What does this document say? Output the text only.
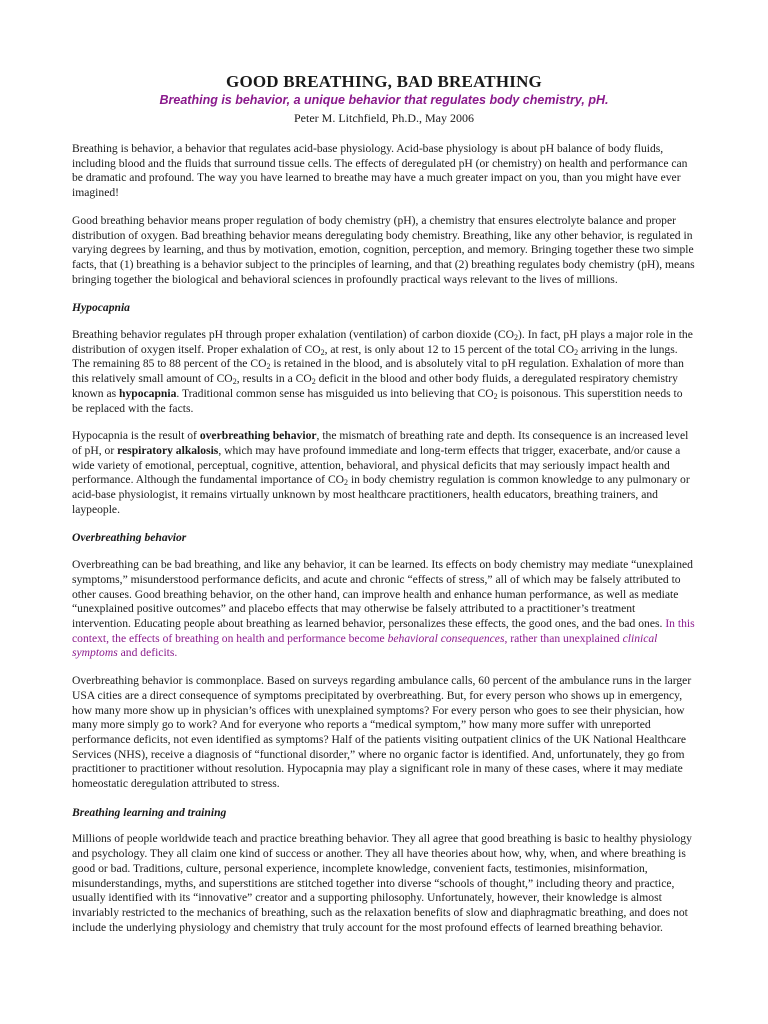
GOOD BREATHING, BAD BREATHING

Breathing is behavior, a unique behavior that regulates body chemistry, pH.

Peter M. Litchfield, Ph.D., May 2006

Breathing is behavior, a behavior that regulates acid-base physiology. Acid-base physiology is about pH balance of body fluids, including blood and the fluids that surround tissue cells. The effects of deregulated pH (or chemistry) on health and performance can be dramatic and profound. The way you have learned to breathe may have a much greater impact on you, than you might have ever imagined!

Good breathing behavior means proper regulation of body chemistry (pH), a chemistry that ensures electrolyte balance and proper distribution of oxygen. Bad breathing behavior means deregulating body chemistry. Breathing, like any other behavior, is regulated in varying degrees by learning, and thus by motivation, emotion, cognition, perception, and memory. Bringing together these two simple facts, that (1) breathing is a behavior subject to the principles of learning, and that (2) breathing regulates body chemistry (pH), means bringing together the biological and behavioral sciences in profoundly practical ways relevant to the lives of millions.

Hypocapnia

Breathing behavior regulates pH through proper exhalation (ventilation) of carbon dioxide $(CO_2)$. In fact, pH plays a major role in the distribution of oxygen itself. Proper exhalation of $CO_2$, at rest, is only about 12 to 15 percent of the total $CO_2$ arriving in the lungs. The remaining 85 to 88 percent of the $CO_2$ is retained in the blood, and is absolutely vital to pH regulation. Exhalation of more than this relatively small amount of $CO_2$, results in a $CO_2$ deficit in the blood and other body fluids, a deregulated respiratory chemistry known as hypocapnia. Traditional common sense has misguided us into believing that $CO_2$ is poisonous. This superstition needs to be replaced with the facts.

Hypocapnia is the result of overbreathing behavior, the mismatch of breathing rate and depth. Its consequence is an increased level of pH, or respiratory alkalosis, which may have profound immediate and long-term effects that trigger, exacerbate, and/or cause a wide variety of emotional, perceptual, cognitive, attention, behavioral, and physical deficits that may seriously impact health and performance. Although the fundamental importance of $CO_2$ in body chemistry regulation is common knowledge to any pulmonary or acid-base physiologist, it remains virtually unknown by most healthcare practitioners, health educators, breathing trainers, and laypeople.

Overbreathing behavior

Overbreathing can be bad breathing, and like any behavior, it can be learned. Its effects on body chemistry may mediate “unexplained symptoms,” misunderstood performance deficits, and acute and chronic “effects of stress,” all of which may be falsely attributed to other causes. Good breathing behavior, on the other hand, can improve health and enhance human performance, as well as mediate “unexplained positive outcomes” and placebo effects that may otherwise be falsely attributed to a practitioner’s treatment intervention. Educating people about breathing as learned behavior, personalizes these effects, the good ones, and the bad ones. In this context, the effects of breathing on health and performance become behavioral consequences, rather than unexplained clinical symptoms and deficits.

Overbreathing behavior is commonplace. Based on surveys regarding ambulance calls, 60 percent of the ambulance runs in the larger USA cities are a direct consequence of symptoms precipitated by overbreathing. But, for every person who shows up in emergency, how many more show up in physician’s offices with unexplained symptoms? For every person who goes to see their physician, how many more simply go to work? And for everyone who reports a “medical symptom,” how many more suffer with unreported performance deficits, not even identified as symptoms? Half of the patients visiting outpatient clinics of the UK National Healthcare Services (NHS), receive a diagnosis of “functional disorder,” where no organic factor is identified. And, unfortunately, they go from practitioner to practitioner without resolution. Hypocapnia may play a significant role in many of these cases, where it may mediate homeostatic deregulation attributed to stress.

Breathing learning and training

Millions of people worldwide teach and practice breathing behavior. They all agree that good breathing is basic to healthy physiology and psychology. They all claim one kind of success or another. They all have theories about how, why, when, and where breathing is good or bad. Traditions, culture, personal experience, incomplete knowledge, convenient facts, testimonies, misinformation, misunderstandings, myths, and superstitions are stitched together into diverse “schools of thought,” including theory and practice, usually identified with its “innovative” creator and a supporting philosophy. Unfortunately, however, their knowledge is almost invariably restricted to the mechanics of breathing, such as the relaxation benefits of slow and diaphragmatic breathing, and does not include the underlying physiology and chemistry that truly account for the most profound effects of learned breathing behavior.
